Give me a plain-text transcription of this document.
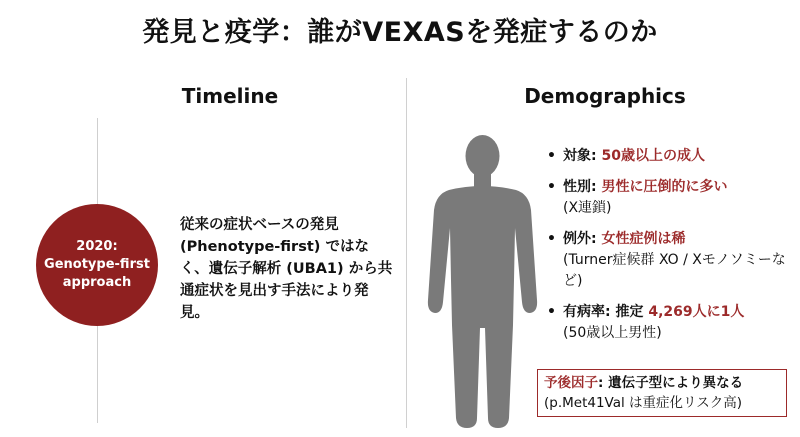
発見と疫学：誰がVEXASを発症するのか
Timeline	Demographics
2020:
Genotype-first
approach
従来の症状ベースの発見 (Phenotype-first) ではなく、遺伝子解析 (UBA1) から共通症状を見出す手法により発見。
• 対象: 50歳以上の成人
• 性別: 男性に圧倒的に多い
(X連鎖)
• 例外: 女性症例は稀
(Turner症候群 XO / Xモノソミーなど)
• 有病率: 推定 4,269人に1人
(50歳以上男性)
予後因子: 遺伝子型により異なる
(p.Met41Val は重症化リスク高)
